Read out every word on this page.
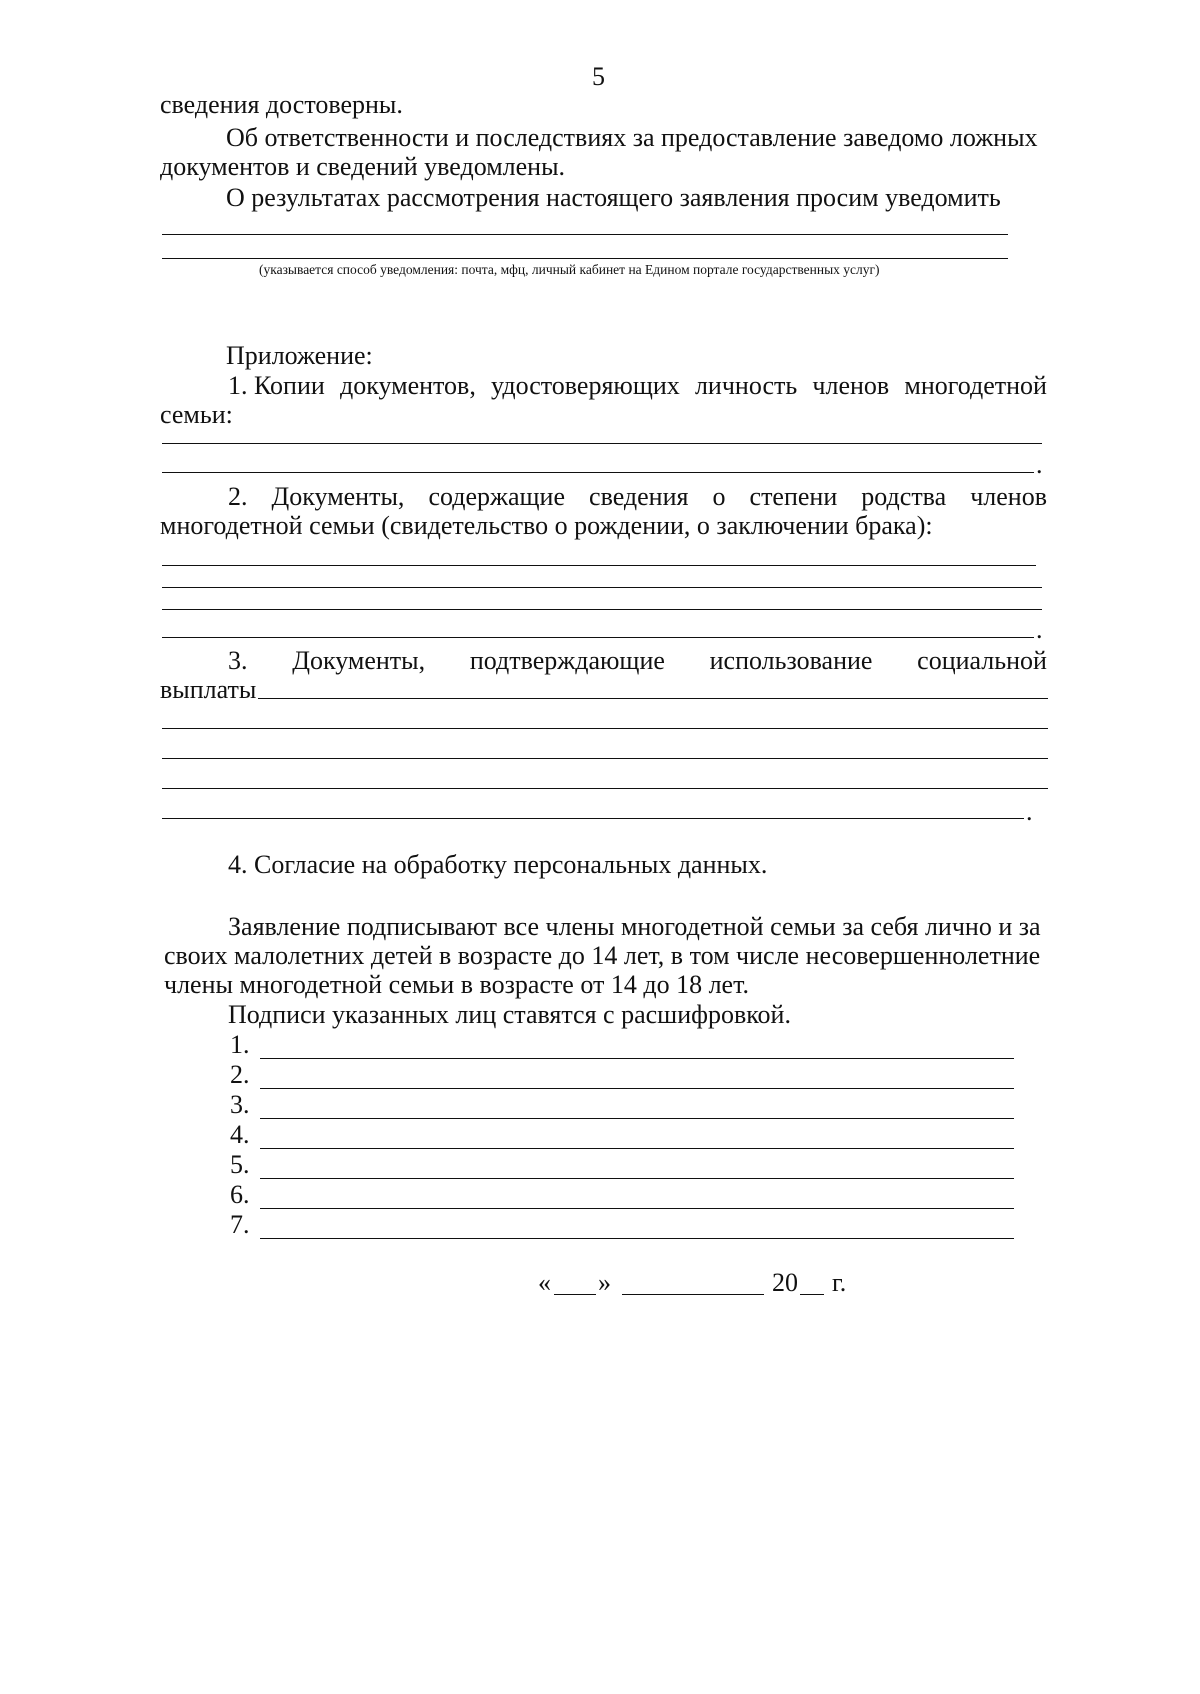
5
сведения достоверны.
Об ответственности и последствиях за предоставление заведомо ложных
документов и сведений уведомлены.
О результатах рассмотрения настоящего заявления просим уведомить
(указывается способ уведомления: почта, мфц, личный кабинет на Едином портале государственных услуг)
Приложение:
1. Копии документов, удостоверяющих личность членов многодетной
семьи:
.
2. Документы, содержащие сведения о степени родства членов
многодетной семьи (свидетельство о рождении, о заключении брака):
.
3. Документы, подтверждающие использование социальной
выплаты
.
4. Согласие на обработку персональных данных.
Заявление подписывают все члены многодетной семьи за себя лично и за
своих малолетних детей в возрасте до 14 лет, в том числе несовершеннолетние
члены многодетной семьи в возрасте от 14 до 18 лет.
Подписи указанных лиц ставятся с расшифровкой.
1.
2.
3.
4.
5.
6.
7.
« »	20 г.
